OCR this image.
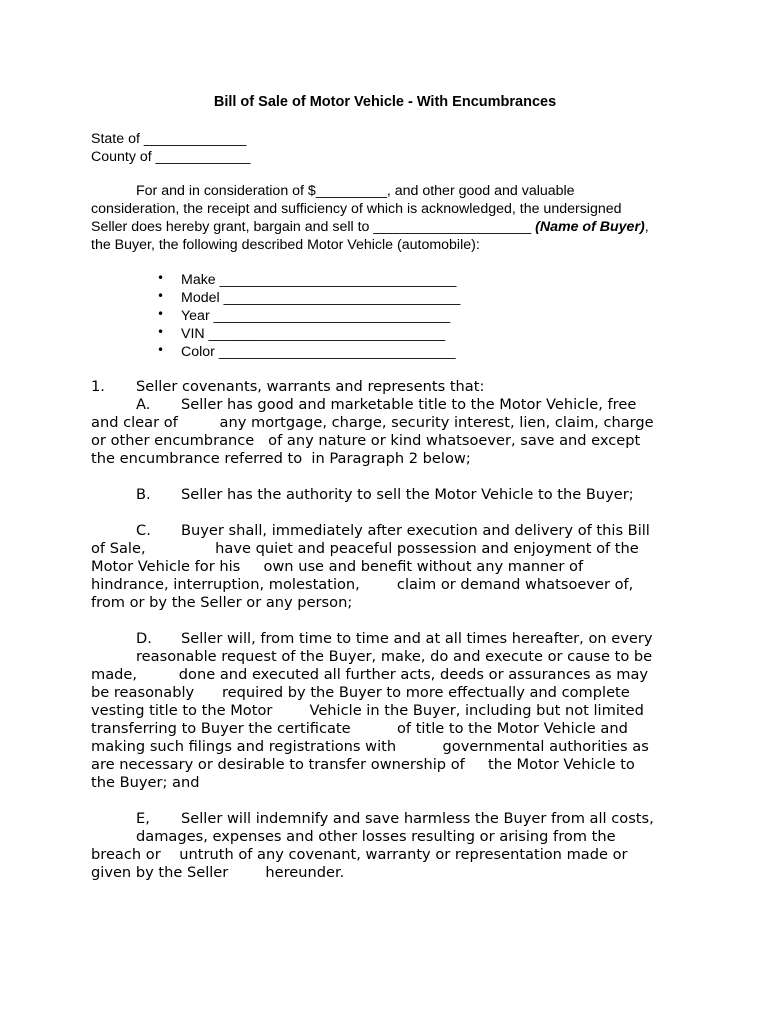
Bill of Sale of Motor Vehicle - With Encumbrances
State of _____________
County of ____________
For and in consideration of $_________, and other good and valuable
consideration, the receipt and sufficiency of which is acknowledged, the undersigned
Seller does hereby grant, bargain and sell to ____________________ (Name of Buyer),
the Buyer, the following described Motor Vehicle (automobile):
• Make ______________________________
• Model ______________________________
• Year ______________________________
• VIN ______________________________
• Color ______________________________
1. Seller covenants, warrants and represents that:
A. Seller has good and marketable title to the Motor Vehicle, free
and clear of         any mortgage, charge, security interest, lien, claim, charge
or other encumbrance   of any nature or kind whatsoever, save and except
the encumbrance referred to  in Paragraph 2 below;
B. Seller has the authority to sell the Motor Vehicle to the Buyer;
C. Buyer shall, immediately after execution and delivery of this Bill
of Sale,               have quiet and peaceful possession and enjoyment of the
Motor Vehicle for his     own use and benefit without any manner of
hindrance, interruption, molestation,        claim or demand whatsoever of,
from or by the Seller or any person;
D. Seller will, from time to time and at all times hereafter, on every
reasonable request of the Buyer, make, do and execute or cause to be
made,         done and executed all further acts, deeds or assurances as may
be reasonably      required by the Buyer to more effectually and complete
vesting title to the Motor        Vehicle in the Buyer, including but not limited
transferring to Buyer the certificate          of title to the Motor Vehicle and
making such filings and registrations with          governmental authorities as
are necessary or desirable to transfer ownership of     the Motor Vehicle to
the Buyer; and
E, Seller will indemnify and save harmless the Buyer from all costs,
damages, expenses and other losses resulting or arising from the
breach or    untruth of any covenant, warranty or representation made or
given by the Seller        hereunder.
